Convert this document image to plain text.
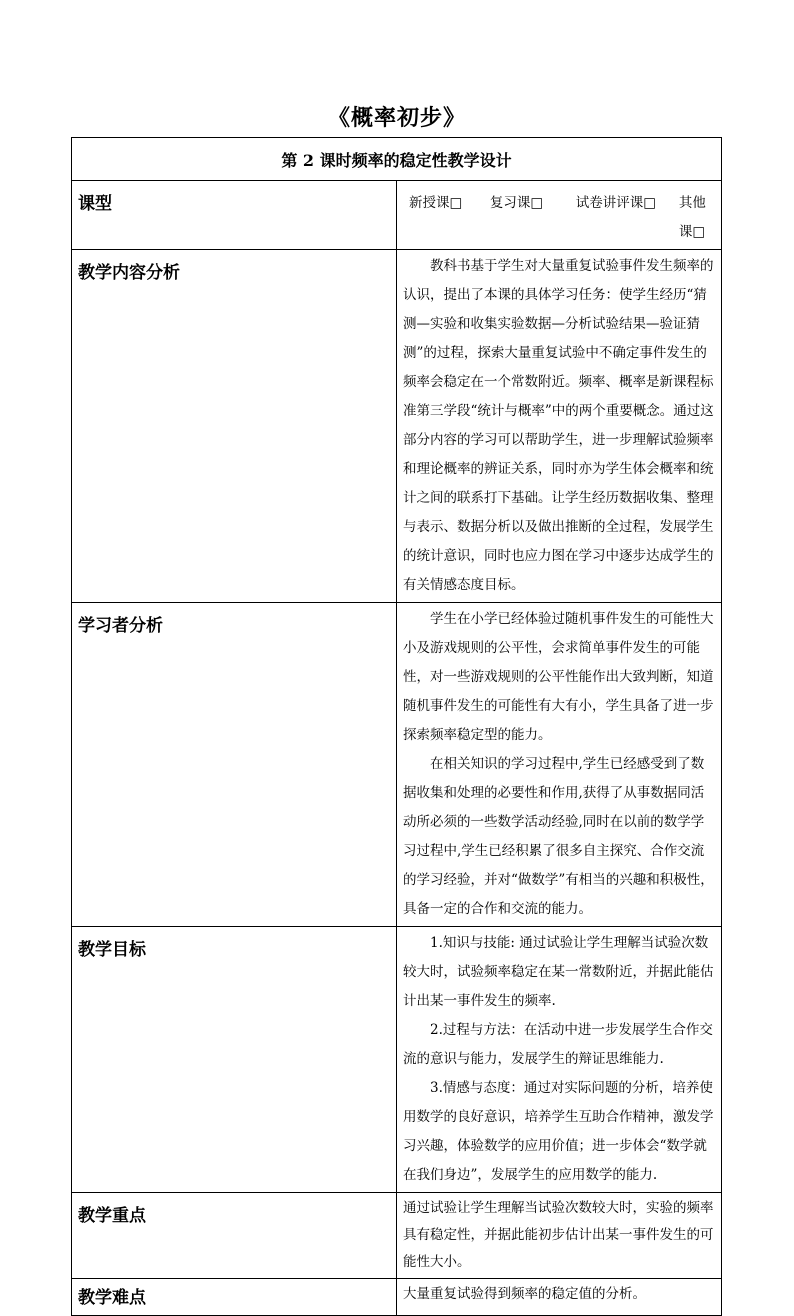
《概率初步》
第 2 课时频率的稳定性教学设计	
课型	新授课□ 复习课□ 试卷讲评课□ 其他课□

教学内容分析	教科书基于学生对大量重复试验事件发生频率的认识，提出了本课的具体学习任务：使学生经历“猜测—实验和收集实验数据—分析试验结果—验证猜测”的过程，探索大量重复试验中不确定事件发生的频率会稳定在一个常数附近。频率、概率是新课程标准第三学段“统计与概率”中的两个重要概念。通过这部分内容的学习可以帮助学生，进一步理解试验频率和理论概率的辨证关系，同时亦为学生体会概率和统计之间的联系打下基础。让学生经历数据收集、整理与表示、数据分析以及做出推断的全过程，发展学生的统计意识，同时也应力图在学习中逐步达成学生的有关情感态度目标。

学习者分析	学生在小学已经体验过随机事件发生的可能性大小及游戏规则的公平性，会求简单事件发生的可能性，对一些游戏规则的公平性能作出大致判断，知道随机事件发生的可能性有大有小，学生具备了进一步探索频率稳定型的能力。

在相关知识的学习过程中,学生已经感受到了数据收集和处理的必要性和作用,获得了从事数据同活动所必须的一些数学活动经验,同时在以前的数学学习过程中,学生已经积累了很多自主探究、合作交流的学习经验，并对“做数学”有相当的兴趣和积极性，具备一定的合作和交流的能力。

教学目标	1.知识与技能: 通过试验让学生理解当试验次数较大时，试验频率稳定在某一常数附近，并据此能估计出某一事件发生的频率.

2.过程与方法：在活动中进一步发展学生合作交流的意识与能力，发展学生的辩证思维能力.

3.情感与态度：通过对实际问题的分析，培养使用数学的良好意识，培养学生互助合作精神，激发学习兴趣，体验数学的应用价值；进一步体会“数学就在我们身边”，发展学生的应用数学的能力.

教学重点	通过试验让学生理解当试验次数较大时，实验的频率具有稳定性，并据此能初步估计出某一事件发生的可能性大小。
教学难点	大量重复试验得到频率的稳定值的分析。
